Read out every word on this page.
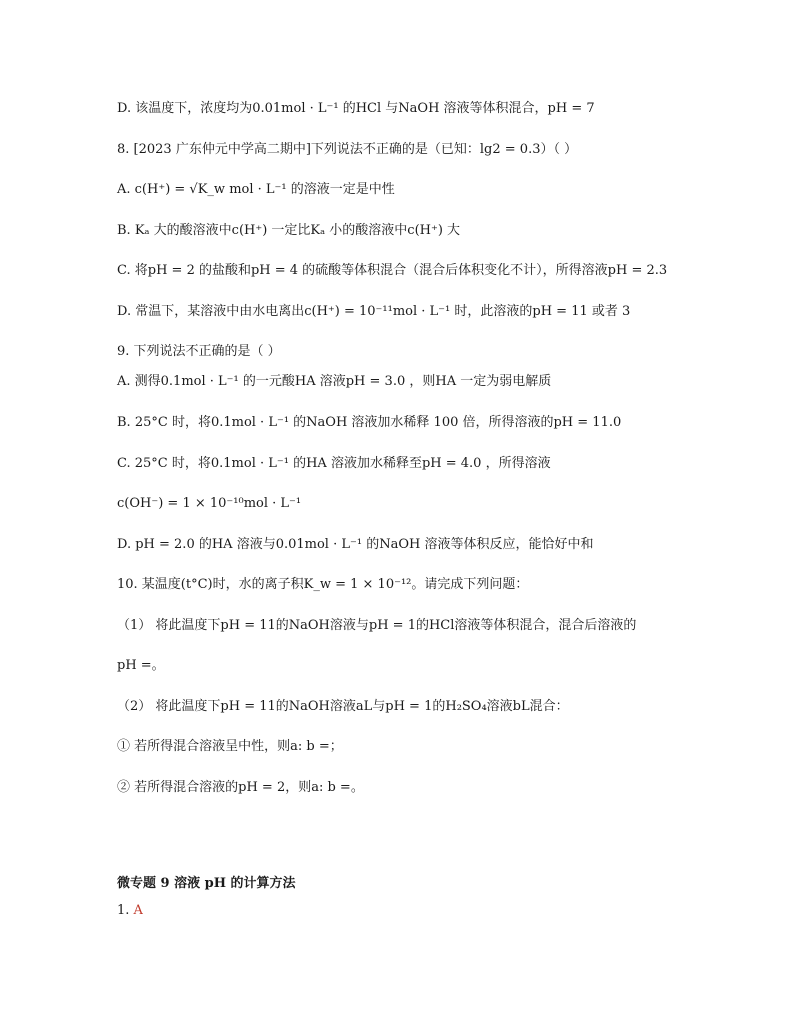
D. 该温度下，浓度均为0.01mol · L⁻¹ 的HCl 与NaOH 溶液等体积混合，pH = 7
8. [2023 广东仲元中学高二期中]下列说法不正确的是（已知：lg2 = 0.3）（ ）
A. c(H⁺) = √K_w mol · L⁻¹ 的溶液一定是中性
B. Kₐ 大的酸溶液中c(H⁺) 一定比Kₐ 小的酸溶液中c(H⁺) 大
C. 将pH = 2 的盐酸和pH = 4 的硫酸等体积混合（混合后体积变化不计），所得溶液pH = 2.3
D. 常温下，某溶液中由水电离出c(H⁺) = 10⁻¹¹mol · L⁻¹ 时，此溶液的pH = 11 或者 3
9. 下列说法不正确的是（ ）
A. 测得0.1mol · L⁻¹ 的一元酸HA 溶液pH = 3.0 ，则HA 一定为弱电解质
B. 25°C 时，将0.1mol · L⁻¹ 的NaOH 溶液加水稀释 100 倍，所得溶液的pH = 11.0
C. 25°C 时，将0.1mol · L⁻¹ 的HA 溶液加水稀释至pH = 4.0 ，所得溶液
c(OH⁻) = 1 × 10⁻¹⁰mol · L⁻¹
D. pH = 2.0 的HA 溶液与0.01mol · L⁻¹ 的NaOH 溶液等体积反应，能恰好中和
10. 某温度(t°C)时，水的离子积K_w = 1 × 10⁻¹²。请完成下列问题：
（1） 将此温度下pH = 11的NaOH溶液与pH = 1的HCl溶液等体积混合，混合后溶液的
pH =。
（2） 将此温度下pH = 11的NaOH溶液aL与pH = 1的H₂SO₄溶液bL混合：
① 若所得混合溶液呈中性，则a: b =；
② 若所得混合溶液的pH = 2，则a: b =。
微专题 9 溶液 pH 的计算方法
1. A
